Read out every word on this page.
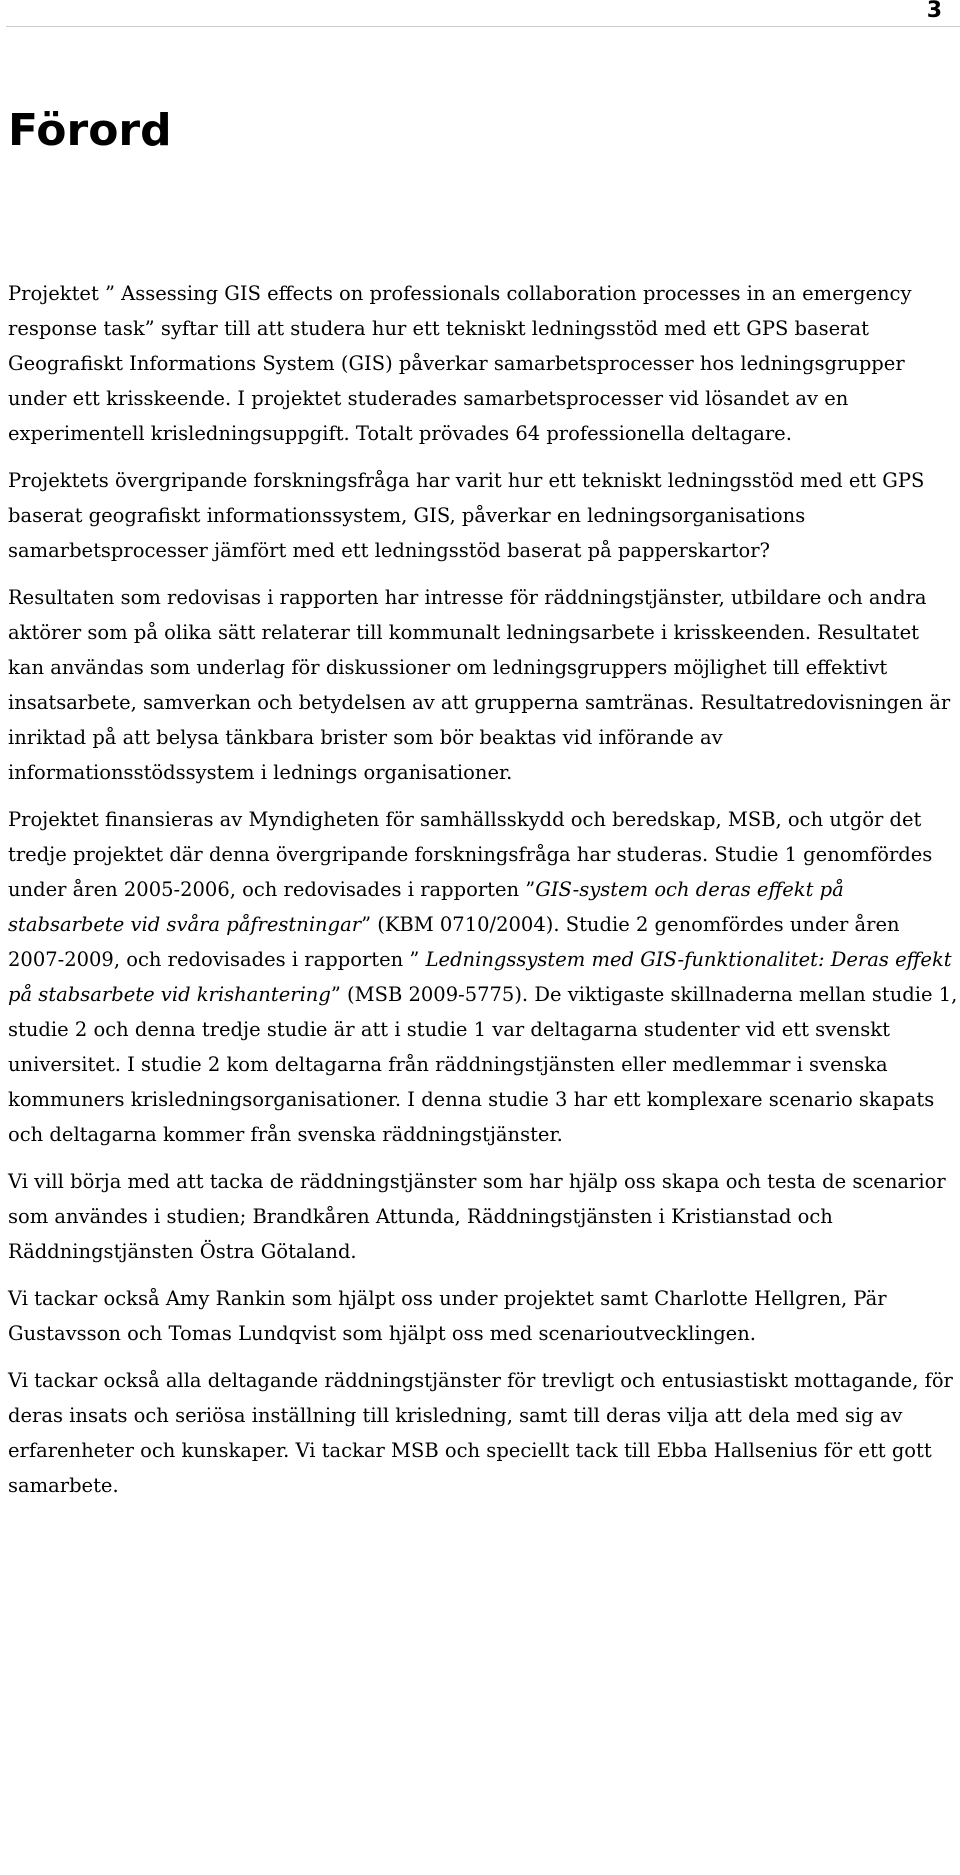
3
Förord

Projektet ” Assessing GIS effects on professionals collaboration processes in an emergency response task” syftar till att studera hur ett tekniskt ledningsstöd med ett GPS baserat Geografiskt Informations System (GIS) påverkar samarbetsprocesser hos ledningsgrupper under ett krisskeende. I projektet studerades samarbetsprocesser vid lösandet av en experimentell krisledningsuppgift. Totalt prövades 64 professionella deltagare.

Projektets övergripande forskningsfråga har varit hur ett tekniskt ledningsstöd med ett GPS baserat geografiskt informationssystem, GIS, påverkar en ledningsorganisations samarbetsprocesser jämfört med ett ledningsstöd baserat på papperskartor?

Resultaten som redovisas i rapporten har intresse för räddningstjänster, utbildare och andra aktörer som på olika sätt relaterar till kommunalt ledningsarbete i krisskeenden. Resultatet kan användas som underlag för diskussioner om ledningsgruppers möjlighet till effektivt insatsarbete, samverkan och betydelsen av att grupperna samtränas. Resultatredovisningen är inriktad på att belysa tänkbara brister som bör beaktas vid införande av informationsstödssystem i lednings organisationer.

Projektet finansieras av Myndigheten för samhällsskydd och beredskap, MSB, och utgör det tredje projektet där denna övergripande forskningsfråga har studeras. Studie 1 genomfördes under åren 2005-2006, och redovisades i rapporten ”GIS-system och deras effekt på stabsarbete vid svåra påfrestningar” (KBM 0710/2004). Studie 2 genomfördes under åren 2007-2009, och redovisades i rapporten ” Ledningssystem med GIS-funktionalitet: Deras effekt på stabsarbete vid krishantering” (MSB 2009-5775). De viktigaste skillnaderna mellan studie 1, studie 2 och denna tredje studie är att i studie 1 var deltagarna studenter vid ett svenskt universitet. I studie 2 kom deltagarna från räddningstjänsten eller medlemmar i svenska kommuners krisledningsorganisationer. I denna studie 3 har ett komplexare scenario skapats och deltagarna kommer från svenska räddningstjänster.

Vi vill börja med att tacka de räddningstjänster som har hjälp oss skapa och testa de scenarior som användes i studien; Brandkåren Attunda, Räddningstjänsten i Kristianstad och Räddningstjänsten Östra Götaland.

Vi tackar också Amy Rankin som hjälpt oss under projektet samt Charlotte Hellgren, Pär Gustavsson och Tomas Lundqvist som hjälpt oss med scenarioutvecklingen.

Vi tackar också alla deltagande räddningstjänster för trevligt och entusiastiskt mottagande, för deras insats och seriösa inställning till krisledning, samt till deras vilja att dela med sig av erfarenheter och kunskaper. Vi tackar MSB och speciellt tack till Ebba Hallsenius för ett gott samarbete.
